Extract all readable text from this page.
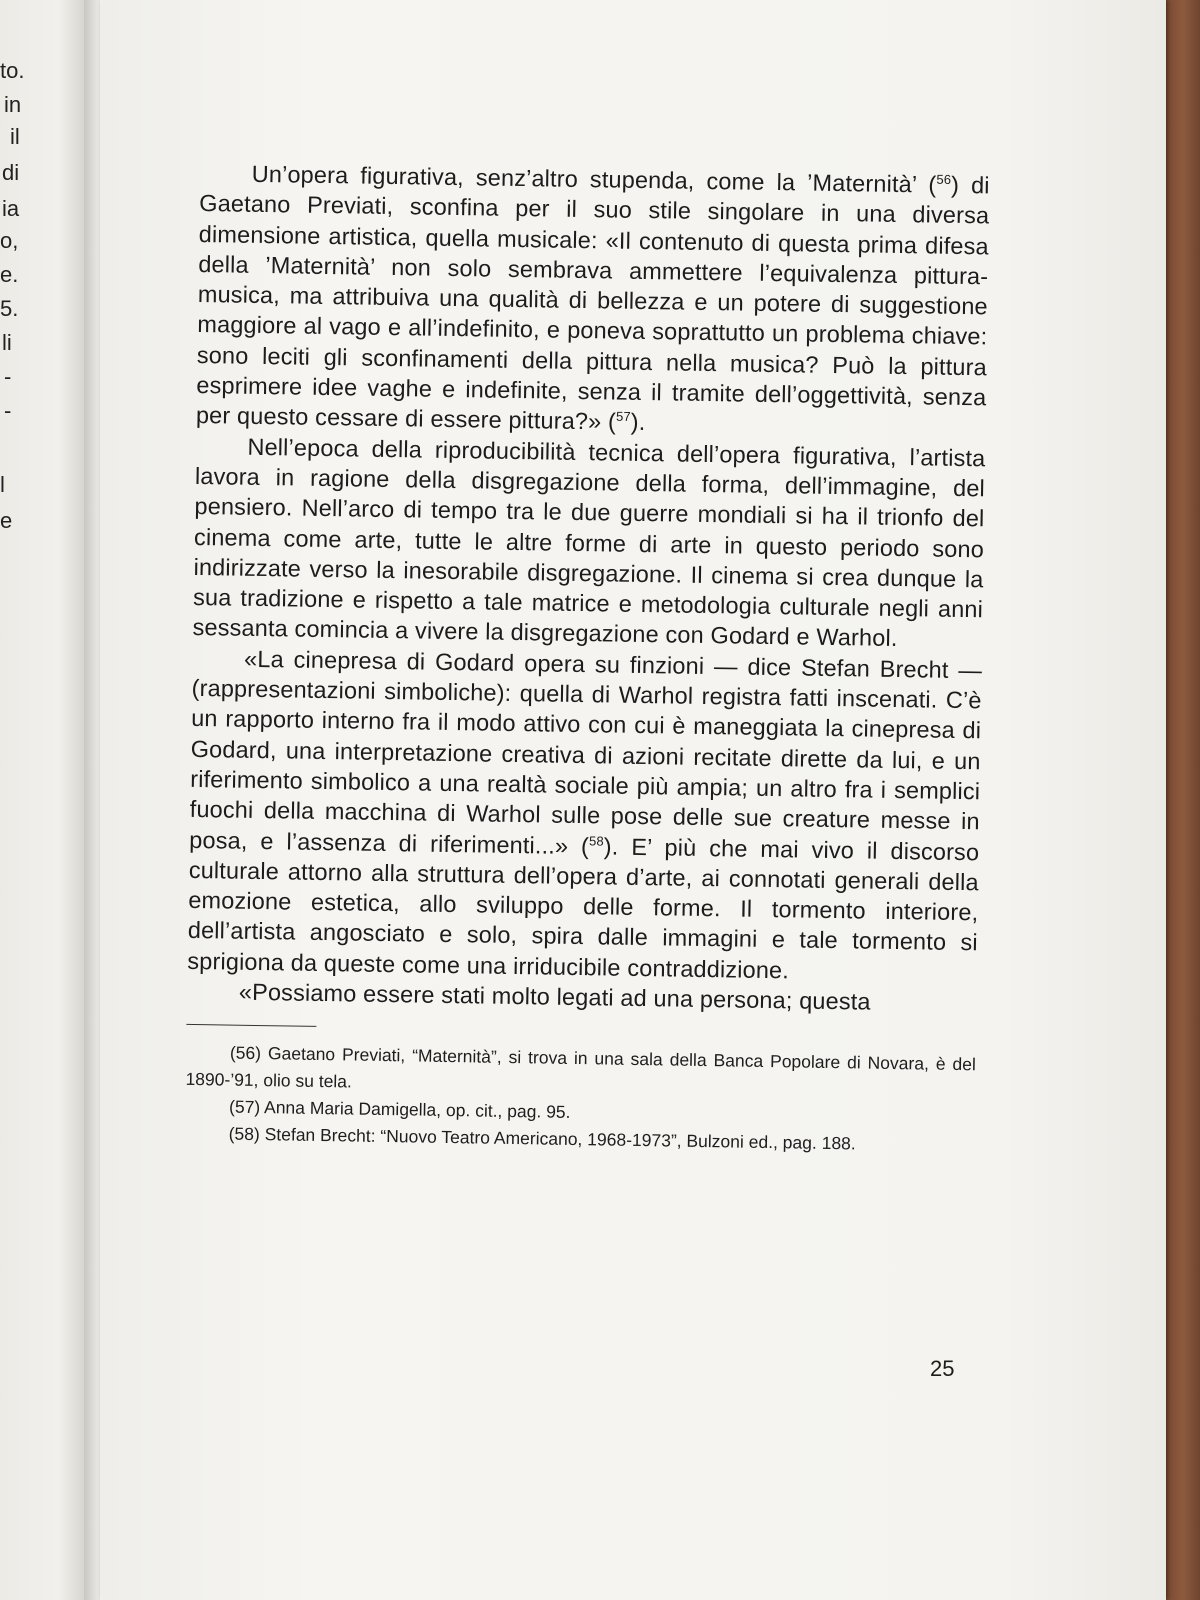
to.
in
il
di
ia
o,
e.
5.
li
-
-
l
e

Un’opera figurativa, senz’altro stupenda, come la ’Maternità’ ($^{56}$) di Gaetano Previati, sconfina per il suo stile singolare in una diversa dimensione artistica, quella musicale: «Il contenuto di questa prima difesa della ’Maternità’ non solo sembrava ammettere l’equivalenza pittura-musica, ma attribuiva una qualità di bellezza e un potere di suggestione maggiore al vago e all’indefinito, e poneva soprattutto un problema chiave: sono leciti gli sconfinamenti della pittura nella musica? Può la pittura esprimere idee vaghe e indefinite, senza il tramite dell’oggettività, senza per questo cessare di essere pittura?» ($^{57}$).

Nell’epoca della riproducibilità tecnica dell’opera figurativa, l’artista lavora in ragione della disgregazione della forma, dell’immagine, del pensiero. Nell’arco di tempo tra le due guerre mondiali si ha il trionfo del cinema come arte, tutte le altre forme di arte in questo periodo sono indirizzate verso la inesorabile disgregazione. Il cinema si crea dunque la sua tradizione e rispetto a tale matrice e metodologia culturale negli anni sessanta comincia a vivere la disgregazione con Godard e Warhol.

«La cinepresa di Godard opera su finzioni — dice Stefan Brecht — (rappresentazioni simboliche): quella di Warhol registra fatti inscenati. C’è un rapporto interno fra il modo attivo con cui è maneggiata la cinepresa di Godard, una interpretazione creativa di azioni recitate dirette da lui, e un riferimento simbolico a una realtà sociale più ampia; un altro fra i semplici fuochi della macchina di Warhol sulle pose delle sue creature messe in posa, e l’assenza di riferimenti...» ($^{58}$). E’ più che mai vivo il discorso culturale attorno alla struttura dell’opera d’arte, ai connotati generali della emozione estetica, allo sviluppo delle forme. Il tormento interiore, dell’artista angosciato e solo, spira dalle immagini e tale tormento si sprigiona da queste come una irriducibile contraddizione.

«Possiamo essere stati molto legati ad una persona; questa

(56) Gaetano Previati, “Maternità”, si trova in una sala della Banca Popolare di Novara, è del 1890-’91, olio su tela.

(57) Anna Maria Damigella, op. cit., pag. 95.

(58) Stefan Brecht: “Nuovo Teatro Americano, 1968-1973”, Bulzoni ed., pag. 188.

25
